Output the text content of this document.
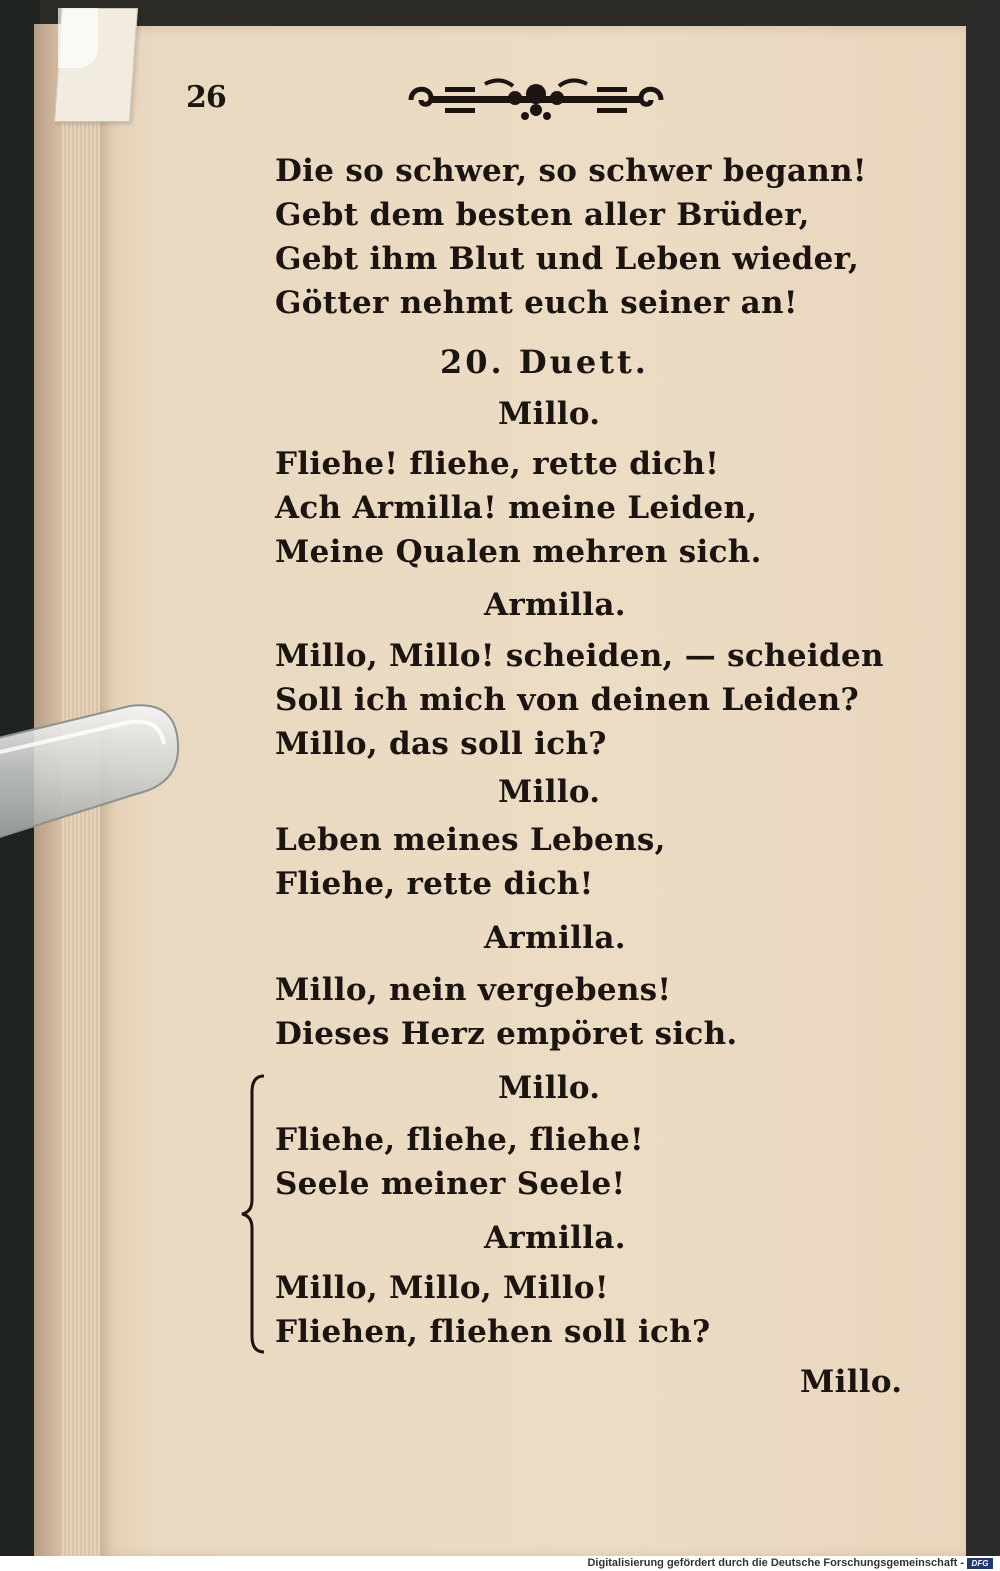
26
Die so schwer, so schwer begann!
Gebt dem besten aller Brüder,
Gebt ihm Blut und Leben wieder,
Götter nehmt euch seiner an!
20. Duett.
Millo.
Fliehe! fliehe, rette dich!
Ach Armilla! meine Leiden,
Meine Qualen mehren sich.
Armilla.
Millo, Millo! scheiden, — scheiden
Soll ich mich von deinen Leiden?
Millo, das soll ich?
Millo.
Leben meines Lebens,
Fliehe, rette dich!
Armilla.
Millo, nein vergebens!
Dieses Herz empöret sich.
Millo.
Fliehe, fliehe, fliehe!
Seele meiner Seele!
Armilla.
Millo, Millo, Millo!
Fliehen, fliehen soll ich?
Millo.
Digitalisierung gefördert durch die Deutsche Forschungsgemeinschaft - DFG
